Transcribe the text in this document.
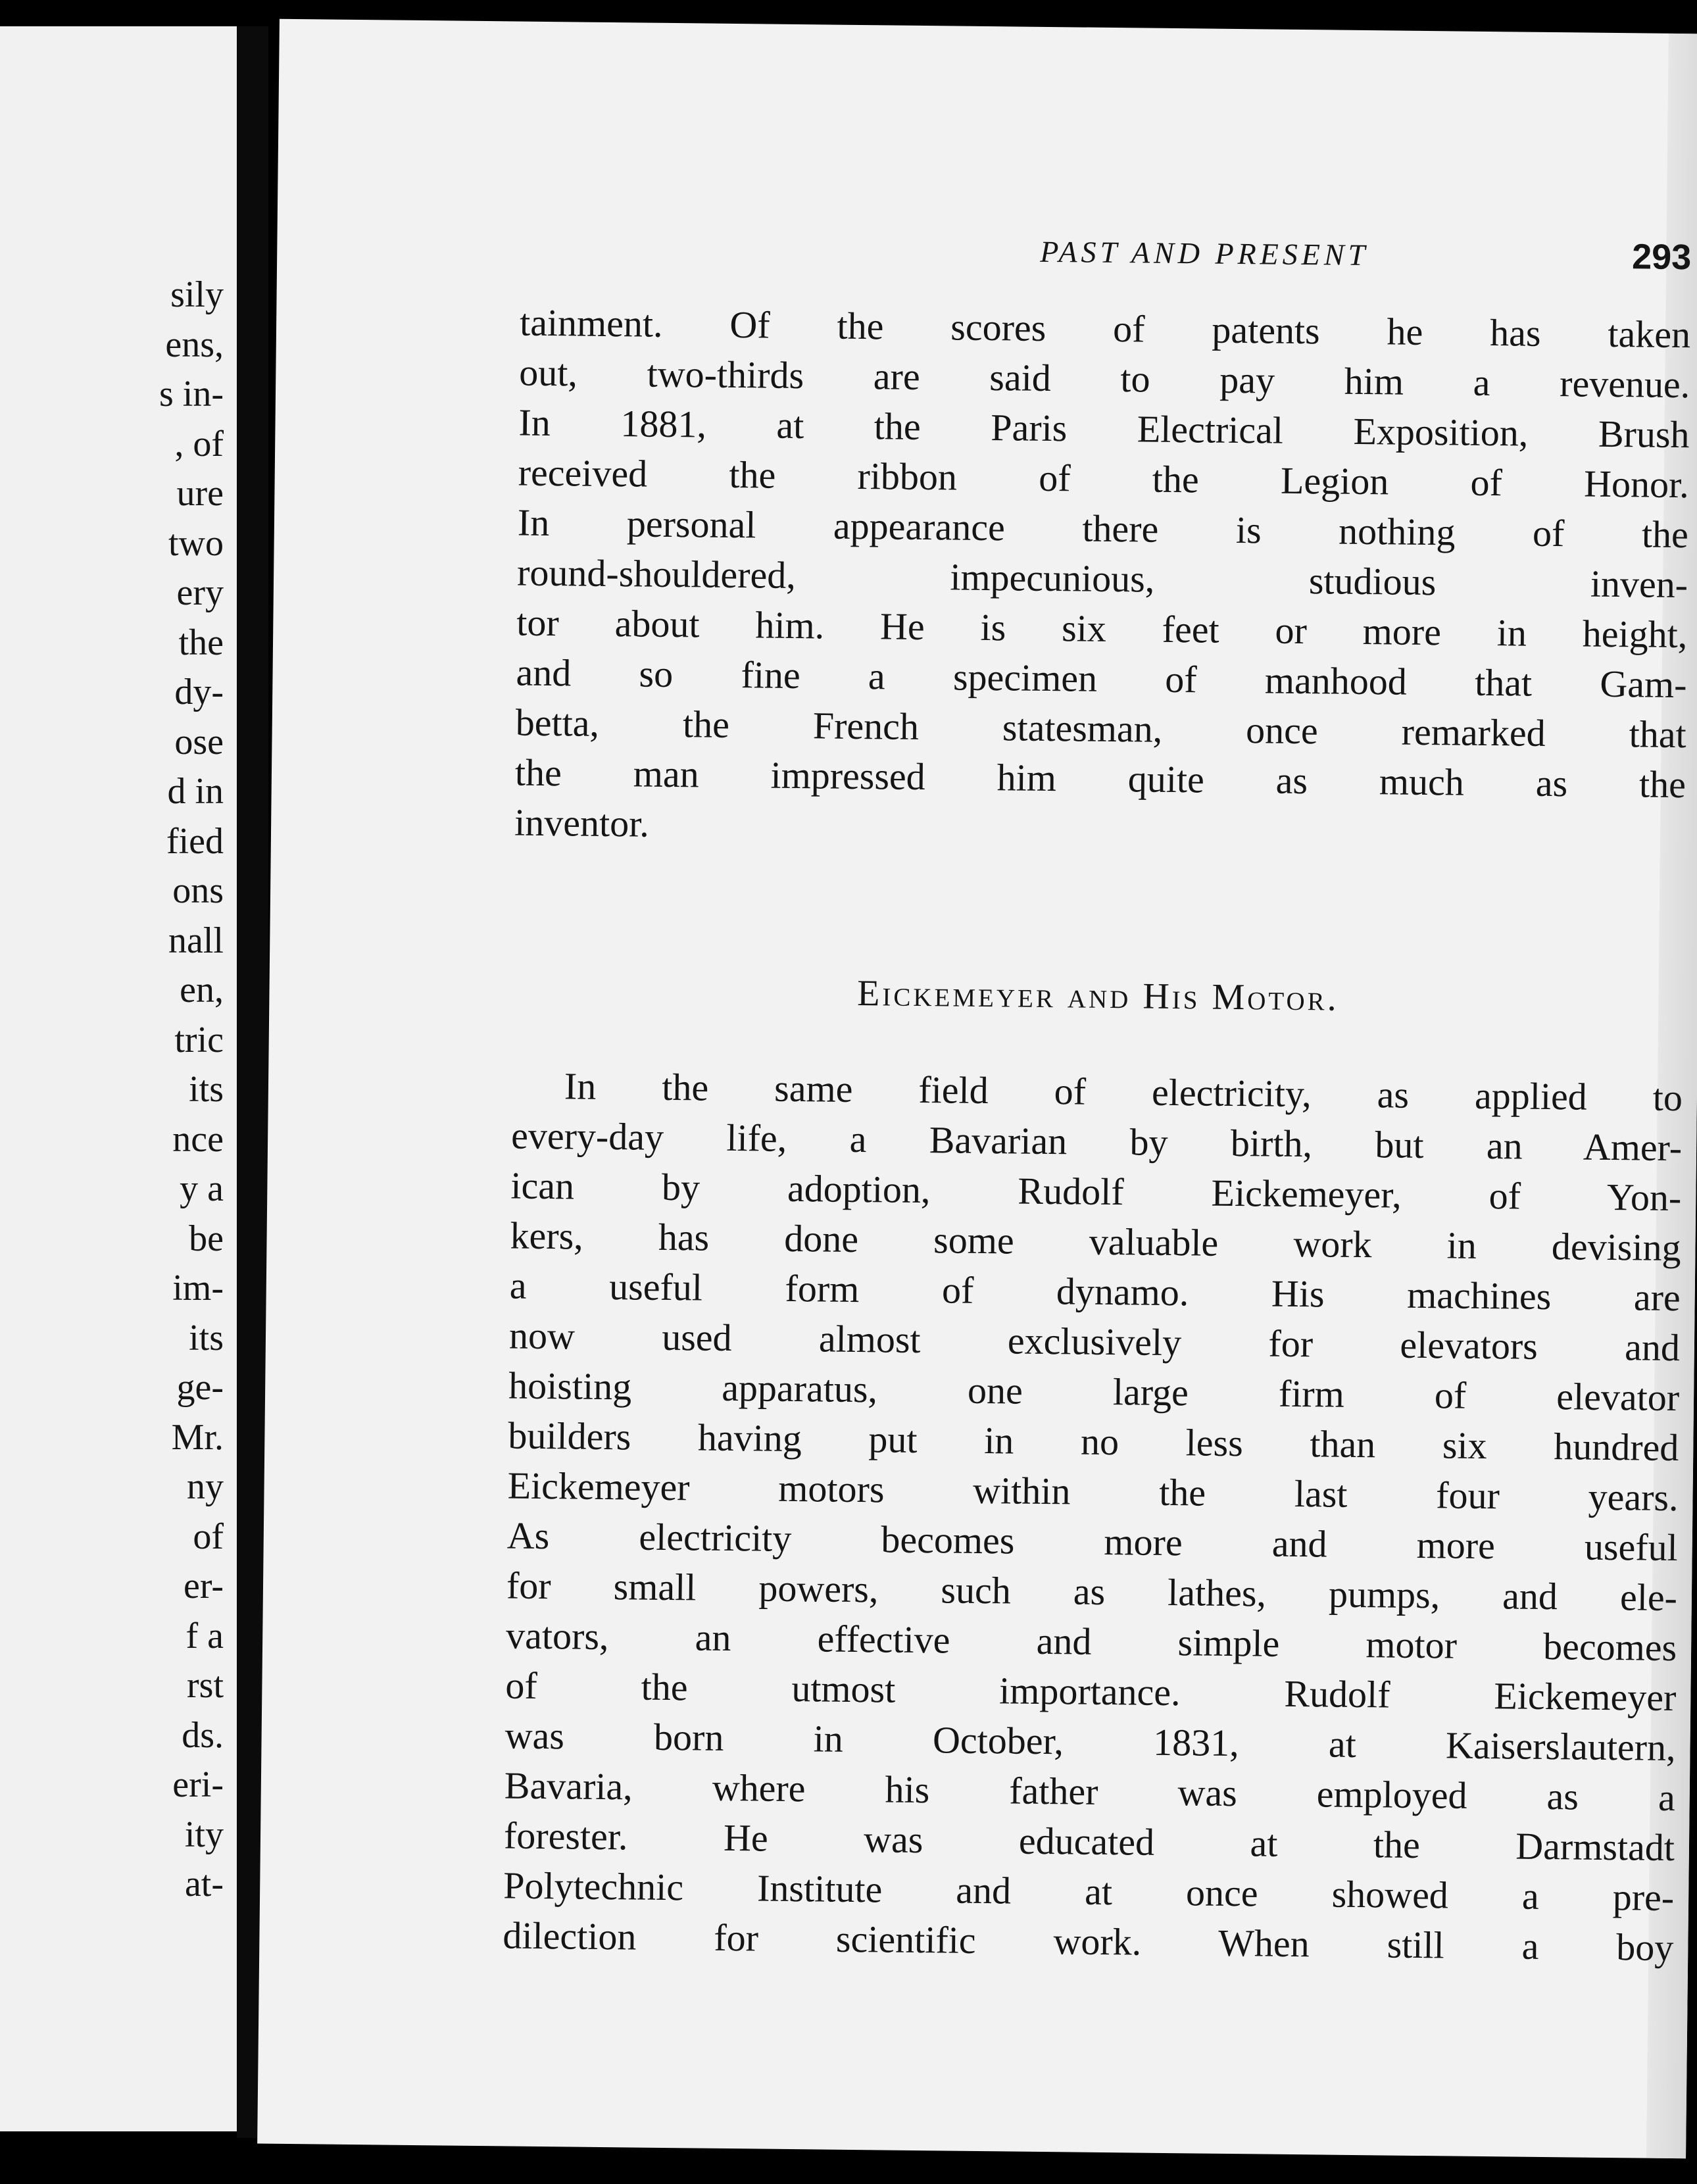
sily
ens,
s in-
, of
ure
two
ery
the
dy-
ose
d in
fied
ons
nall
en,
tric
its
nce
y a
be
im-
its
ge-
Mr.
ny
of
er-
f a
rst
ds.
eri-
ity
at-
PAST AND PRESENT	293
tainment. Of the scores of patents he has taken
out, two-thirds are said to pay him a revenue.
In 1881, at the Paris Electrical Exposition, Brush
received the ribbon of the Legion of Honor.
In personal appearance there is nothing of the
round-shouldered, impecunious, studious inven-
tor about him. He is six feet or more in height,
and so fine a specimen of manhood that Gam-
betta, the French statesman, once remarked that
the man impressed him quite as much as the
inventor.
Eickemeyer and His Motor.
In the same field of electricity, as applied to
every-day life, a Bavarian by birth, but an Amer-
ican by adoption, Rudolf Eickemeyer, of Yon-
kers, has done some valuable work in devising
a useful form of dynamo. His machines are
now used almost exclusively for elevators and
hoisting apparatus, one large firm of elevator
builders having put in no less than six hundred
Eickemeyer motors within the last four years.
As electricity becomes more and more useful
for small powers, such as lathes, pumps, and ele-
vators, an effective and simple motor becomes
of the utmost importance. Rudolf Eickemeyer
was born in October, 1831, at Kaiserslautern,
Bavaria, where his father was employed as a
forester. He was educated at the Darmstadt
Polytechnic Institute and at once showed a pre-
dilection for scientific work. When still a boy
